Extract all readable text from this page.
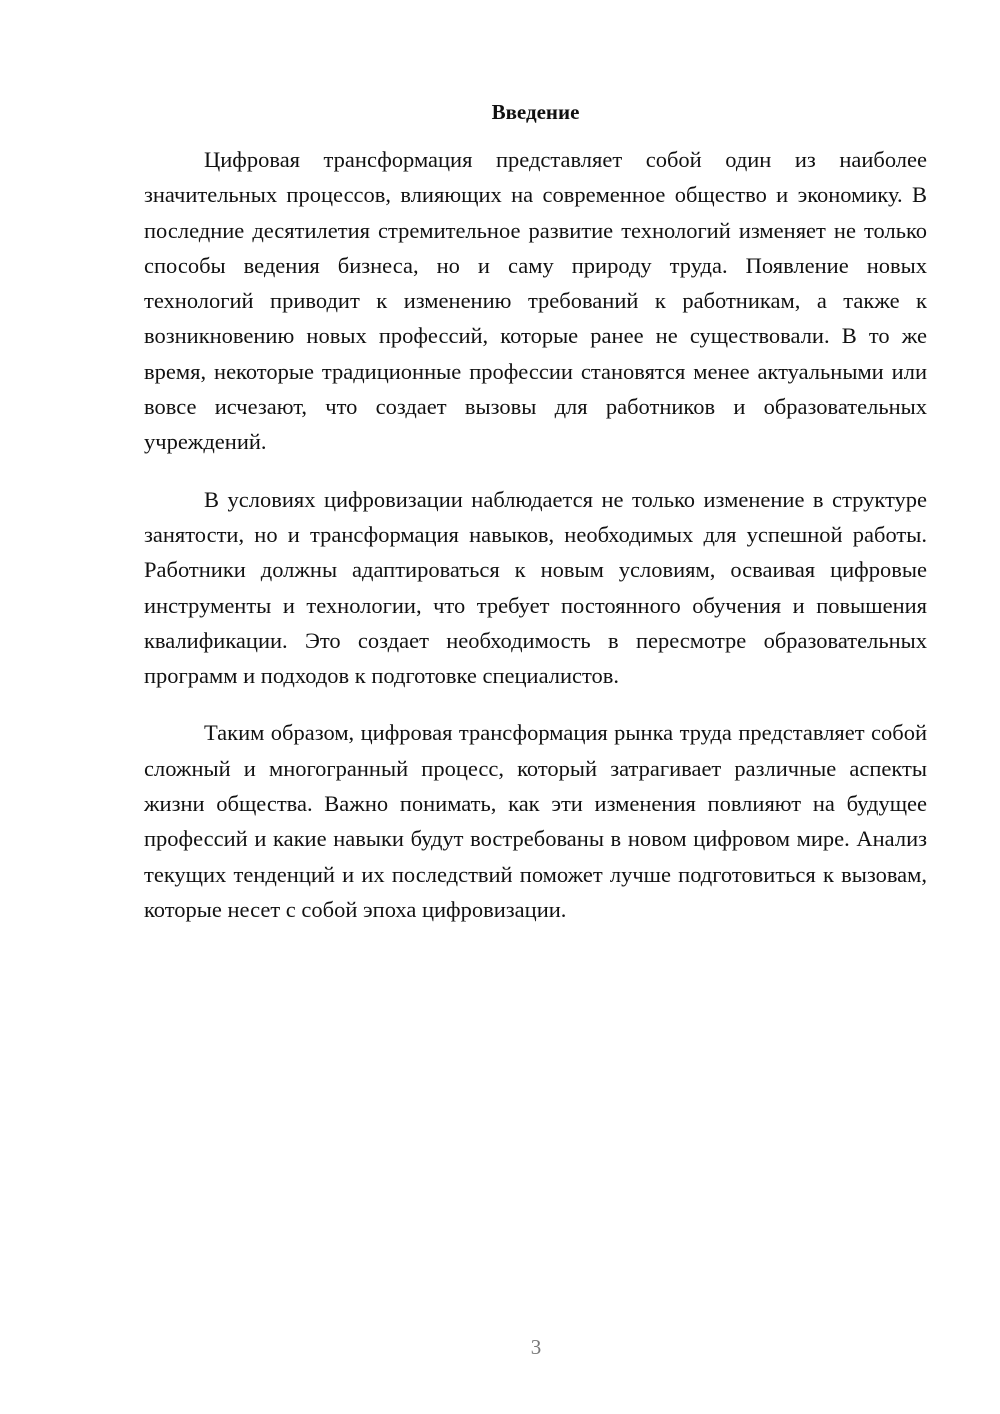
Введение

Цифровая трансформация представляет собой один из наиболее значительных процессов, влияющих на современное общество и экономику. В последние десятилетия стремительное развитие технологий изменяет не только способы ведения бизнеса, но и саму природу труда. Появление новых технологий приводит к изменению требований к работникам, а также к возникновению новых профессий, которые ранее не существовали. В то же время, некоторые традиционные профессии становятся менее актуальными или вовсе исчезают, что создает вызовы для работников и образовательных учреждений.

В условиях цифровизации наблюдается не только изменение в структуре занятости, но и трансформация навыков, необходимых для успешной работы. Работники должны адаптироваться к новым условиям, осваивая цифровые инструменты и технологии, что требует постоянного обучения и повышения квалификации. Это создает необходимость в пересмотре образовательных программ и подходов к подготовке специалистов.

Таким образом, цифровая трансформация рынка труда представляет собой сложный и многогранный процесс, который затрагивает различные аспекты жизни общества. Важно понимать, как эти изменения повлияют на будущее профессий и какие навыки будут востребованы в новом цифровом мире. Анализ текущих тенденций и их последствий поможет лучше подготовиться к вызовам, которые несет с собой эпоха цифровизации.

3
